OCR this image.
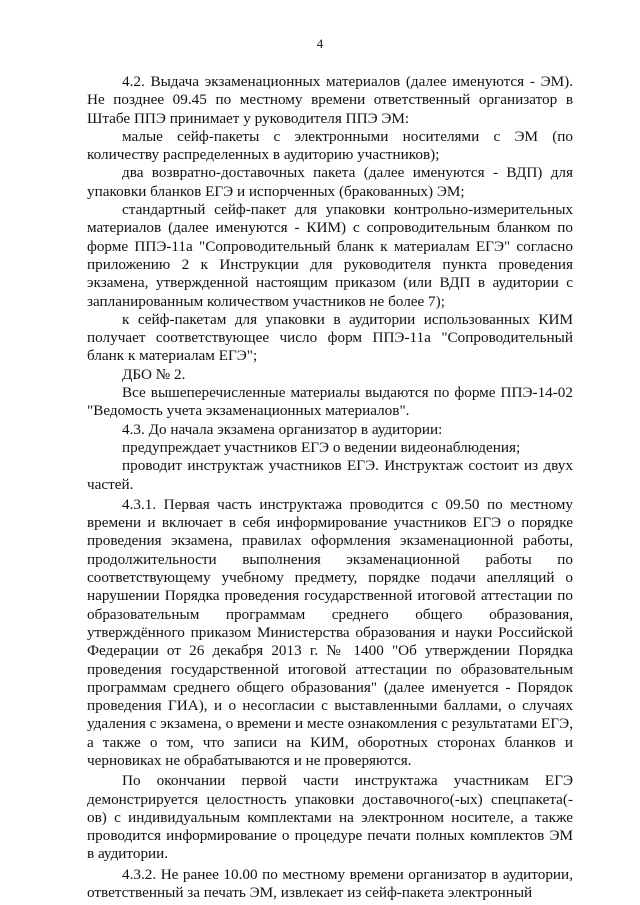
4

4.2. Выдача экзаменационных материалов (далее именуются - ЭМ). Не позднее 09.45 по местному времени ответственный организатор в Штабе ППЭ принимает у руководителя ППЭ ЭМ:

малые сейф-пакеты с электронными носителями с ЭМ (по количеству распределенных в аудиторию участников);

два возвратно-доставочных пакета (далее именуются - ВДП) для упаковки бланков ЕГЭ и испорченных (бракованных) ЭМ;

стандартный сейф-пакет для упаковки контрольно-измерительных материалов (далее именуются - КИМ) с сопроводительным бланком по форме ППЭ-11а "Сопроводительный бланк к материалам ЕГЭ" согласно приложению 2 к Инструкции для руководителя пункта проведения экзамена, утвержденной настоящим приказом (или ВДП в аудитории с запланированным количеством участников не более 7);

к сейф-пакетам для упаковки в аудитории использованных КИМ получает соответствующее число форм ППЭ-11а "Сопроводительный бланк к материалам ЕГЭ";

ДБО № 2.

Все вышеперечисленные материалы выдаются по форме ППЭ-14-02 "Ведомость учета экзаменационных материалов".

4.3. До начала экзамена организатор в аудитории:

предупреждает участников ЕГЭ о ведении видеонаблюдения;

проводит инструктаж участников ЕГЭ. Инструктаж состоит из двух частей.

4.3.1. Первая часть инструктажа проводится с 09.50 по местному времени и включает в себя информирование участников ЕГЭ о порядке проведения экзамена, правилах оформления экзаменационной работы, продолжительности выполнения экзаменационной работы по соответствующему учебному предмету, порядке подачи апелляций о нарушении Порядка проведения государственной итоговой аттестации по образовательным программам среднего общего образования, утверждённого приказом Министерства образования и науки Российской Федерации от 26 декабря 2013 г. № 1400 "Об утверждении Порядка проведения государственной итоговой аттестации по образовательным программам среднего общего образования" (далее именуется - Порядок проведения ГИА), и о несогласии с выставленными баллами, о случаях удаления с экзамена, о времени и месте ознакомления с результатами ЕГЭ, а также о том, что записи на КИМ, оборотных сторонах бланков и черновиках не обрабатываются и не проверяются.

По окончании первой части инструктажа участникам ЕГЭ демонстрируется целостность упаковки доставочного(-ых) спецпакета(-ов) с индивидуальным комплектами на электронном носителе, а также проводится информирование о процедуре печати полных комплектов ЭМ в аудитории.

4.3.2. Не ранее 10.00 по местному времени организатор в аудитории, ответственный за печать ЭМ, извлекает из сейф-пакета электронный
